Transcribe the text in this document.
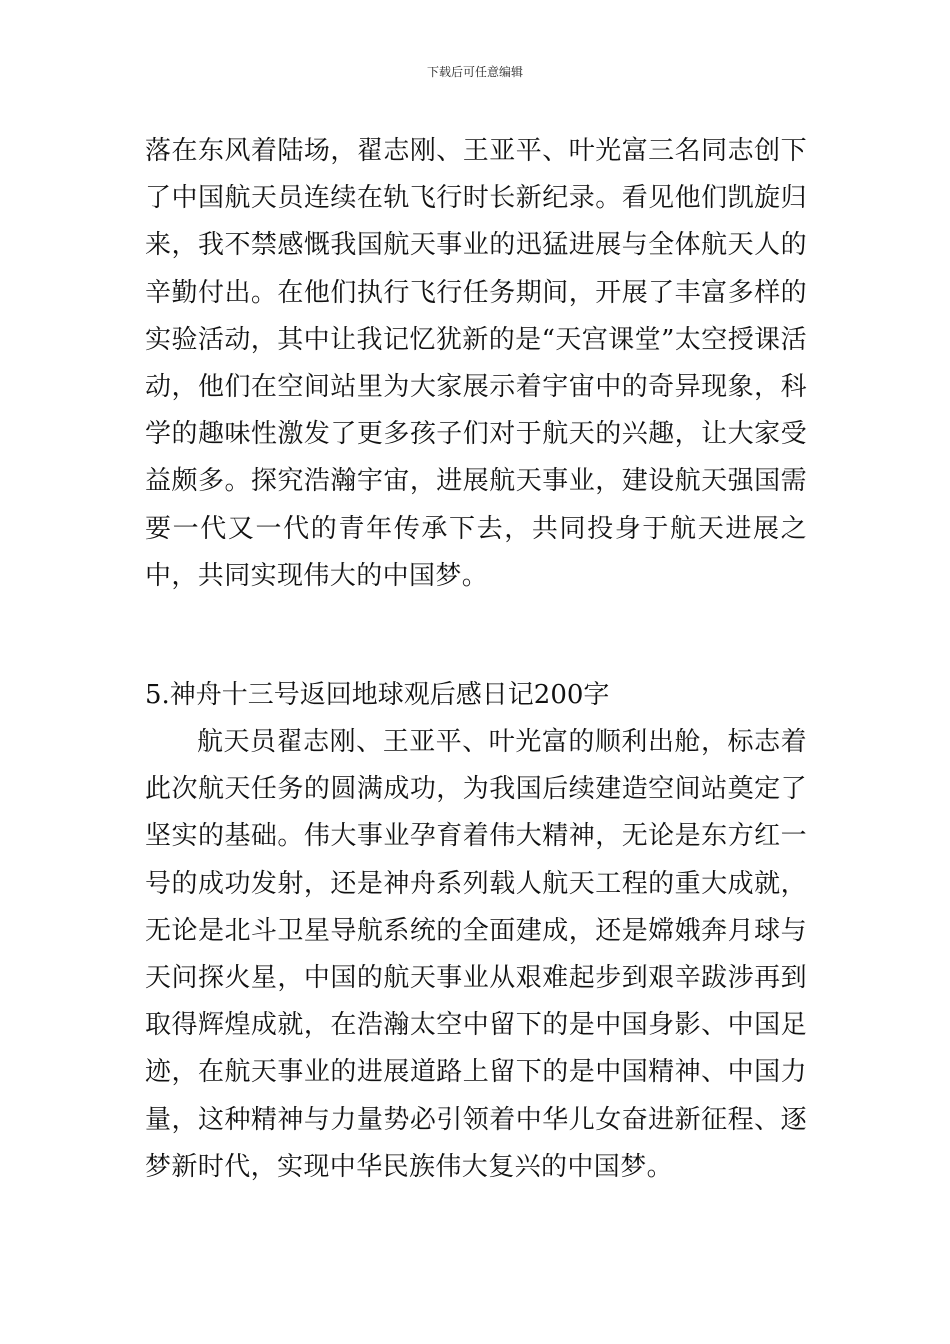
下载后可任意编辑
落在东风着陆场，翟志刚、王亚平、叶光富三名同志创下了中国航天员连续在轨飞行时长新纪录。看见他们凯旋归来，我不禁感慨我国航天事业的迅猛进展与全体航天人的辛勤付出。在他们执行飞行任务期间，开展了丰富多样的实验活动，其中让我记忆犹新的是“天宫课堂”太空授课活动，他们在空间站里为大家展示着宇宙中的奇异现象，科学的趣味性激发了更多孩子们对于航天的兴趣，让大家受益颇多。探究浩瀚宇宙，进展航天事业，建设航天强国需要一代又一代的青年传承下去，共同投身于航天进展之中，共同实现伟大的中国梦。
5.神舟十三号返回地球观后感日记200字
航天员翟志刚、王亚平、叶光富的顺利出舱，标志着此次航天任务的圆满成功，为我国后续建造空间站奠定了坚实的基础。伟大事业孕育着伟大精神，无论是东方红一号的成功发射，还是神舟系列载人航天工程的重大成就，无论是北斗卫星导航系统的全面建成，还是嫦娥奔月球与天问探火星，中国的航天事业从艰难起步到艰辛跋涉再到取得辉煌成就，在浩瀚太空中留下的是中国身影、中国足迹，在航天事业的进展道路上留下的是中国精神、中国力量，这种精神与力量势必引领着中华儿女奋进新征程、逐梦新时代，实现中华民族伟大复兴的中国梦。
